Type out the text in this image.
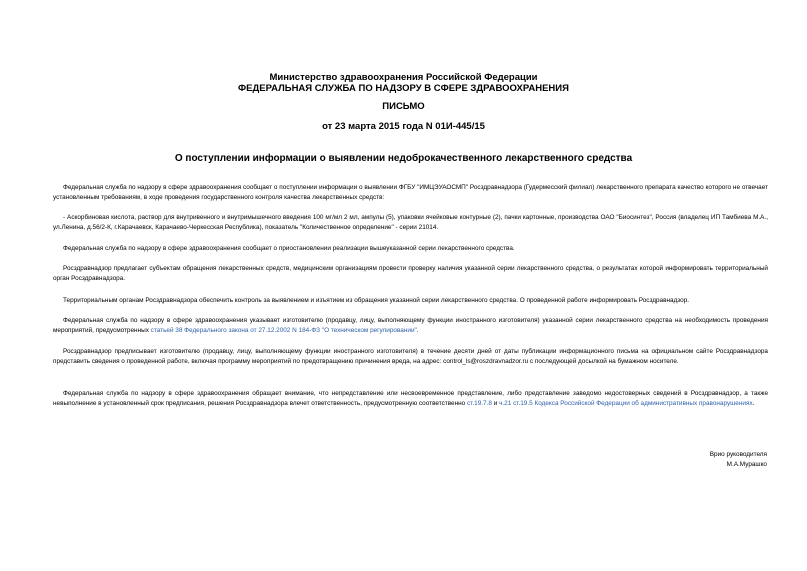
Министерство здравоохранения Российской Федерации
ФЕДЕРАЛЬНАЯ СЛУЖБА ПО НАДЗОРУ В СФЕРЕ ЗДРАВООХРАНЕНИЯ
ПИСЬМО
от 23 марта 2015 года N 01И-445/15
О поступлении информации о выявлении недоброкачественного лекарственного средства

Федеральная служба по надзору в сфере здравоохранения сообщает о поступлении информации о выявлении ФГБУ "ИМЦЭУАОСМП" Росздравнадзора (Гудермесский филиал) лекарственного препарата качество которого не отвечает установленным требованиям, в ходе проведения государственного контроля качества лекарственных средств:

- Аскорбиновая кислота, раствор для внутривенного и внутримышечного введения 100 мг/мл 2 мл, ампулы (5), упаковки ячейковые контурные (2), пачки картонные, производства ОАО "Биосинтез", Россия (владелец ИП Тамбиева М.А., ул.Ленина, д.56/2-К, г.Карачаевск, Карачаево-Черкесская Республика), показатель "Количественное определение" - серии 21014.

Федеральная служба по надзору в сфере здравоохранения сообщает о приостановлении реализации вышеуказанной серии лекарственного средства.

Росздравнадзор предлагает субъектам обращения лекарственных средств, медицинским организациям провести проверку наличия указанной серии лекарственного средства, о результатах которой информировать территориальный орган Росздравнадзора.

Территориальным органам Росздравнадзора обеспечить контроль за выявлением и изъятием из обращения указанной серии лекарственного средства. О проведенной работе информировать Росздравнадзор.

Федеральная служба по надзору в сфере здравоохранения указывает изготовителю (продавцу, лицу, выполняющему функции иностранного изготовителя) указанной серии лекарственного средства на необходимость проведения мероприятий, предусмотренных статьей 38 Федерального закона от 27.12.2002 N 184-ФЗ "О техническом регулировании".

Росздравнадзор предписывает изготовителю (продавцу, лицу, выполняющему функции иностранного изготовителя) в течение десяти дней от даты публикации информационного письма на официальном сайте Росздравнадзора представить сведения о проведенной работе, включая программу мероприятий по предотвращению причинения вреда, на адрес: control_ls@roszdravnadzor.ru с последующей досылкой на бумажном носителе.

Федеральная служба по надзору в сфере здравоохранения обращает внимание, что непредставление или несвоевременное представление, либо представление заведомо недостоверных сведений в Росздравнадзор, а также невыполнение в установленный срок предписания, решения Росздравнадзора влечет ответственность, предусмотренную соответственно ст.19.7.8 и ч.21 ст.19.5 Кодекса Российской Федерации об административных правонарушениях.

Врио руководителя
М.А.Мурашко
